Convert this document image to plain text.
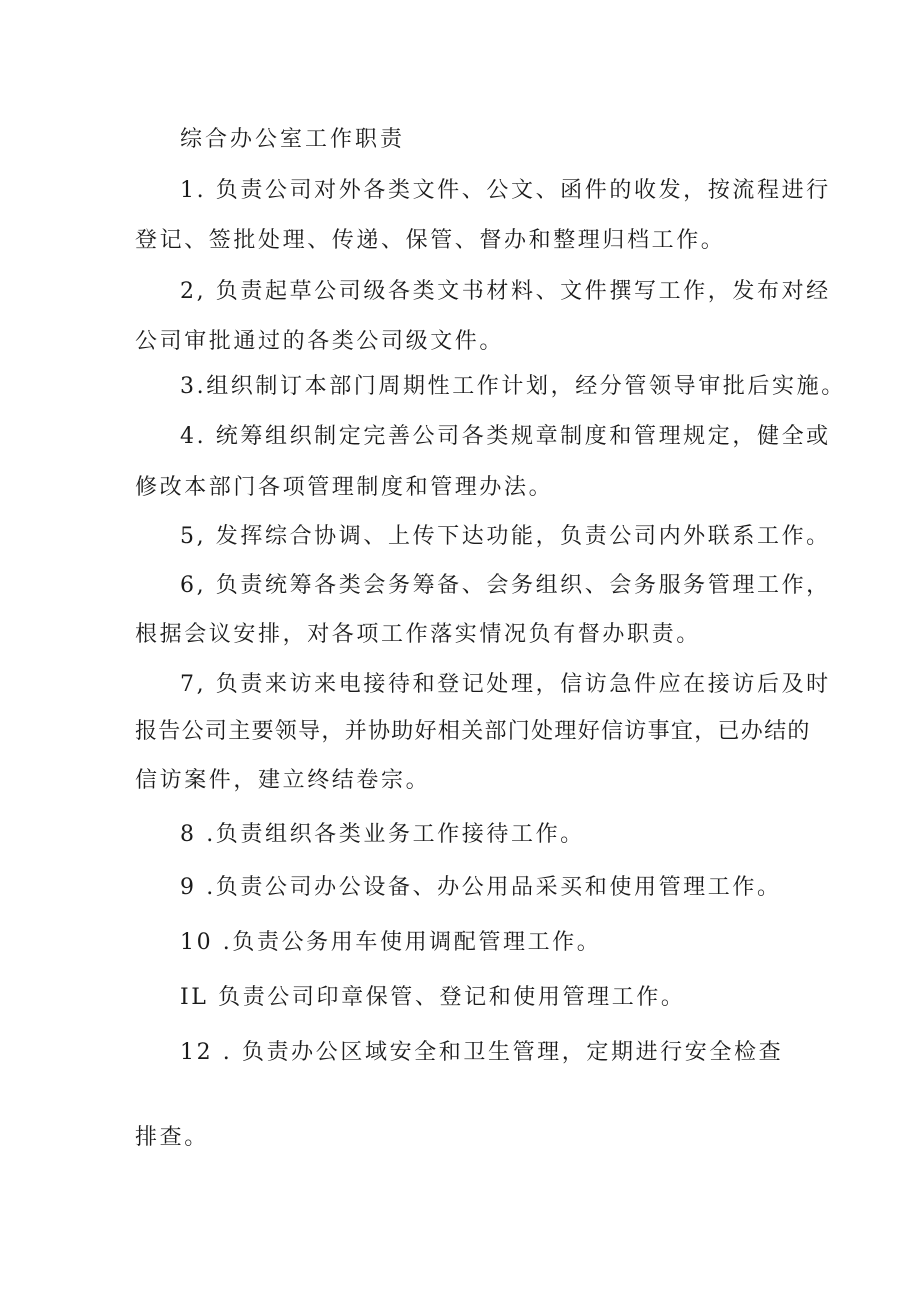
综合办公室工作职责
1. 负责公司对外各类文件、公文、函件的收发，按流程进行
登记、签批处理、传递、保管、督办和整理归档工作。
2, 负责起草公司级各类文书材料、文件撰写工作，发布对经
公司审批通过的各类公司级文件。
3.组织制订本部门周期性工作计划，经分管领导审批后实施。
4. 统筹组织制定完善公司各类规章制度和管理规定，健全或
修改本部门各项管理制度和管理办法。
5, 发挥综合协调、上传下达功能，负责公司内外联系工作。
6, 负责统筹各类会务筹备、会务组织、会务服务管理工作，
根据会议安排，对各项工作落实情况负有督办职责。
7, 负责来访来电接待和登记处理，信访急件应在接访后及时
报告公司主要领导，并协助好相关部门处理好信访事宜，已办结的
信访案件，建立终结卷宗。
8 .负责组织各类业务工作接待工作。
9 .负责公司办公设备、办公用品采买和使用管理工作。
10 .负责公务用车使用调配管理工作。
IL 负责公司印章保管、登记和使用管理工作。
12 . 负责办公区域安全和卫生管理，定期进行安全检查
排查。
